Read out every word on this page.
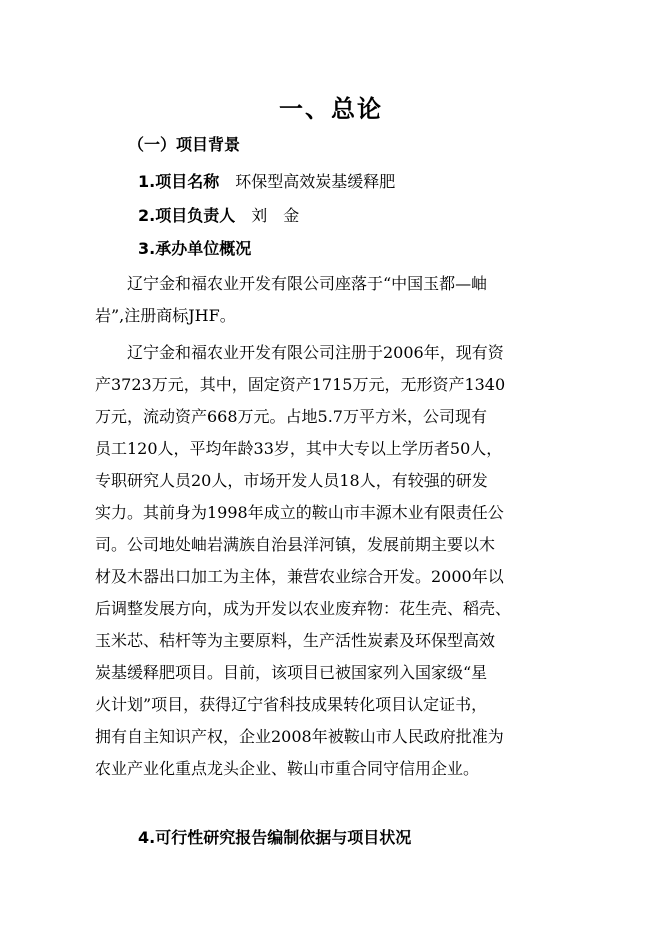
一、总论
（一）项目背景
1.项目名称 环保型高效炭基缓释肥
2.项目负责人 刘　金
3.承办单位概况
　　辽宁金和福农业开发有限公司座落于“中国玉都—岫
岩”,注册商标JHF。
　　辽宁金和福农业开发有限公司注册于2006年，现有资
产3723万元，其中，固定资产1715万元，无形资产1340
万元，流动资产668万元。占地5.7万平方米，公司现有
员工120人，平均年龄33岁，其中大专以上学历者50人，
专职研究人员20人，市场开发人员18人，有较强的研发
实力。其前身为1998年成立的鞍山市丰源木业有限责任公
司。公司地处岫岩满族自治县洋河镇，发展前期主要以木
材及木器出口加工为主体，兼营农业综合开发。2000年以
后调整发展方向，成为开发以农业废弃物：花生壳、稻壳、
玉米芯、秸杆等为主要原料，生产活性炭素及环保型高效
炭基缓释肥项目。目前，该项目已被国家列入国家级“星
火计划”项目，获得辽宁省科技成果转化项目认定证书，
拥有自主知识产权，企业2008年被鞍山市人民政府批准为
农业产业化重点龙头企业、鞍山市重合同守信用企业。
4.可行性研究报告编制依据与项目状况
